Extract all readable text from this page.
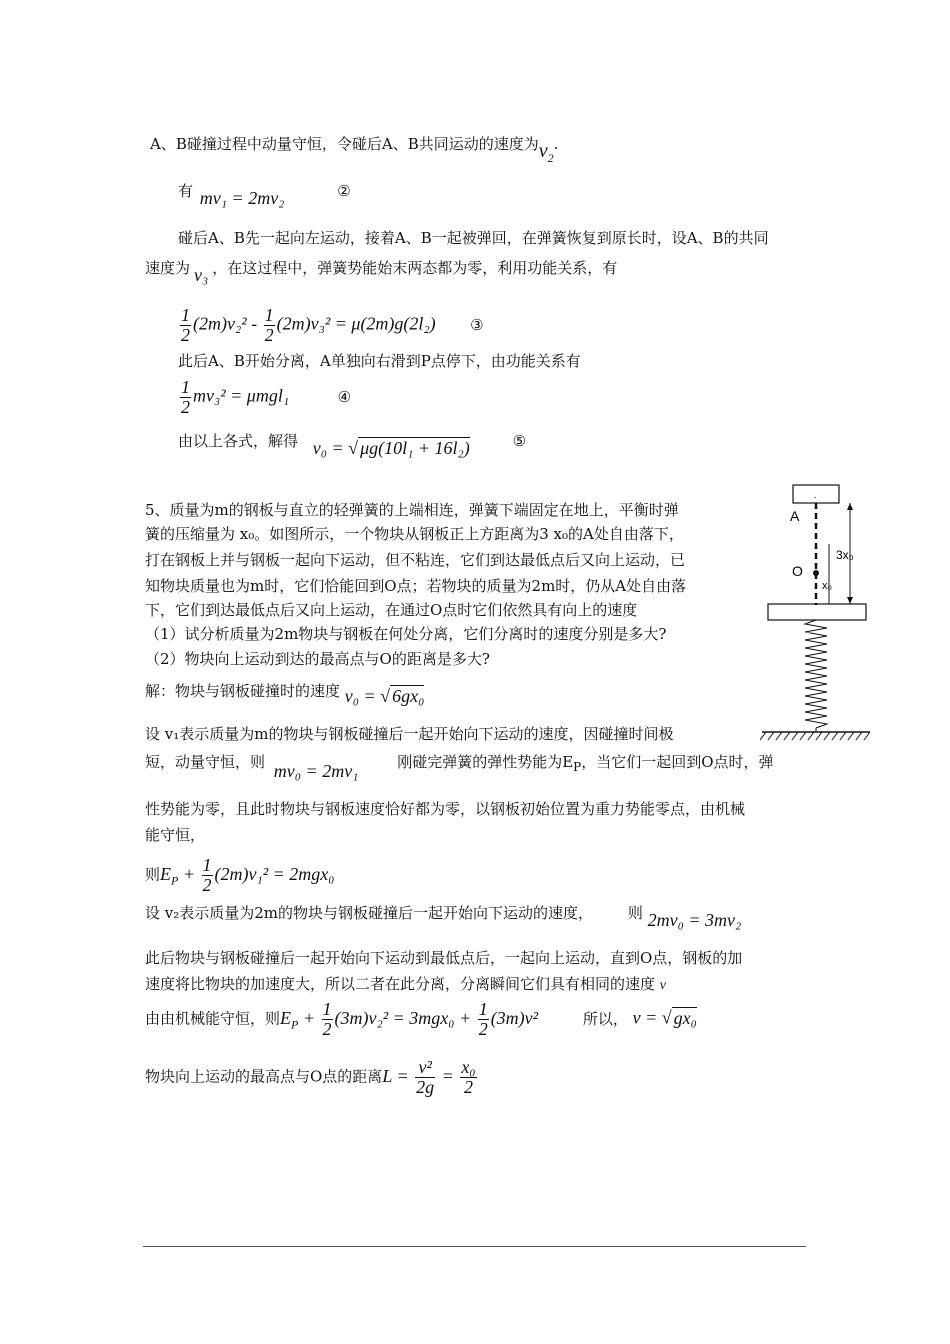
A、B碰撞过程中动量守恒，令碰后A、B共同运动的速度为$v_2$.
有 mv₁ = 2mv₂	②
碰后A、B先一起向左运动，接着A、B一起被弹回，在弹簧恢复到原长时，设A、B的共同
速度为 v₃ ，在这过程中，弹簧势能始末两态都为零，利用功能关系，有
$\frac{1}{2} (2m)v_2^2 - \frac{1}{2} (2m)v_3^2 = \mu(2m)g(2l_2)$ ③
此后A、B开始分离，A单独向右滑到P点停下，由功能关系有
$\frac{1}{2} mv_3^2 = \mu mgl_1$	④
由以上各式，解得 v₀ = √ μg(10l₁ + 16l₂)	⑤
5、质量为m的钢板与直立的轻弹簧的上端相连，弹簧下端固定在地上，平衡时弹
簧的压缩量为 x₀。如图所示，一个物块从钢板正上方距离为3 x₀的A处自由落下，
打在钢板上并与钢板一起向下运动，但不粘连，它们到达最低点后又向上运动，已
知物块质量也为m时，它们恰能回到O点；若物块的质量为2m时，仍从A处自由落
下，它们到达最低点后又向上运动，在通过O点时它们依然具有向上的速度
（1）试分析质量为2m物块与钢板在何处分离，它们分离时的速度分别是多大?
（2）物块向上运动到达的最高点与O的距离是多大?
解：物块与钢板碰撞时的速度 v₀ = √ 6gx₀
设 v₁表示质量为m的物块与钢板碰撞后一起开始向下运动的速度，因碰撞时间极
短，动量守恒，则 mv₀ = 2mv₁	刚碰完弹簧的弹性势能为$E_P$，当它们一起回到O点时，弹
性势能为零，且此时物块与钢板速度恰好都为零，以钢板初始位置为重力势能零点，由机械
能守恒，
则$E_P + \frac{1}{2} (2m)v_1^2 = 2mgx_0$
设 v₂表示质量为2m的物块与钢板碰撞后一起开始向下运动的速度， 则 2mv₀ = 3mv₂
此后物块与钢板碰撞后一起开始向下运动到最低点后，一起向上运动，直到O点，钢板的加
速度将比物块的加速度大，所以二者在此分离，分离瞬间它们具有相同的速度 v
由由机械能守恒，则$E_P + \frac{1}{2} (3m)v_2^2 = 3mgx_0 + \frac{1}{2} (3m)v^2$	所以， v = √ gx₀
物块向上运动的最高点与O点的距离$L = \frac{\text{v²}}{2g} = \frac{\text{x₀}}{2}$
.
A
O
3x₀
x₀
